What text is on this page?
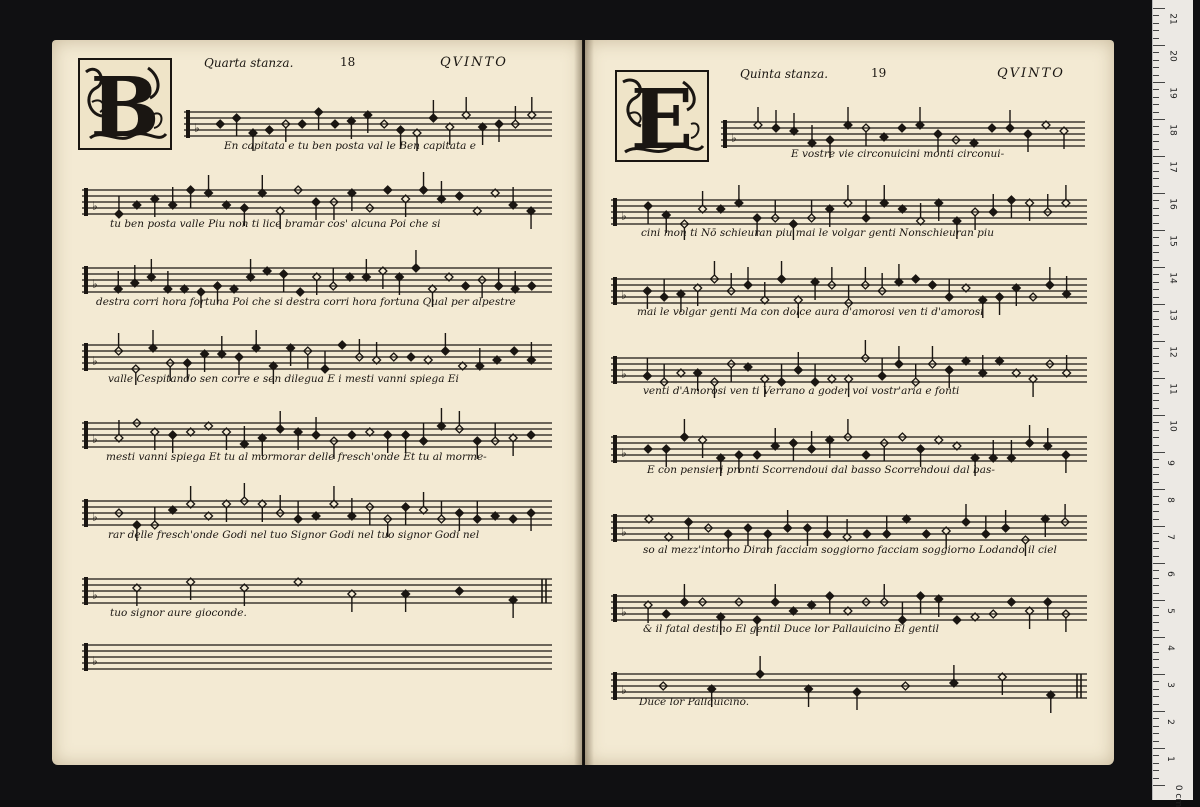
21
20
19
18
17
16
15
14
13
12
11
10
9
8
7
6
5
4
3
2
1
0 cm
B	Quarta stanza.	18	QVINTO
♭
♭
♭
♭
♭
♭
♭
♭
En capitata e tu ben posta val le Ben capitata e
tu ben posta valle Piu non ti lice bramar cos' alcuna Poi che si
destra corri hora fortuna Poi che si destra corri hora fortuna Qual per alpestre
valle Cespitando sen corre e sen dilegua E i mesti vanni spiega Ei
mesti vanni spiega Et tu al mormorar delle fresch'onde Et tu al morme-
rar delle fresch'onde Godi nel tuo Signor Godi nel tuo signor Godi nel
tuo signor aure gioconde.
E	Quinta stanza.	19	QVINTO
♭
♭
♭
♭
♭
♭
♭
♭
E vostre vie circonuicini monti circonui-
cini mon ti Nō schieuran piu mai le volgar genti Nonschieuran piu
mai le volgar genti Ma con dolce aura d'amorosi ven ti d'amorosi
venti d'Amorosi ven ti Verrano a goder voi vostr'aria e fonti
E con pensieri pronti Scorrendoui dal basso Scorrendoui dal bas-
so al mezz'intorno Diran facciam soggiorno facciam soggiorno Lodando il ciel
& il fatal destino El gentil Duce lor Pallauicino El gentil
Duce lor Pallauicino.
